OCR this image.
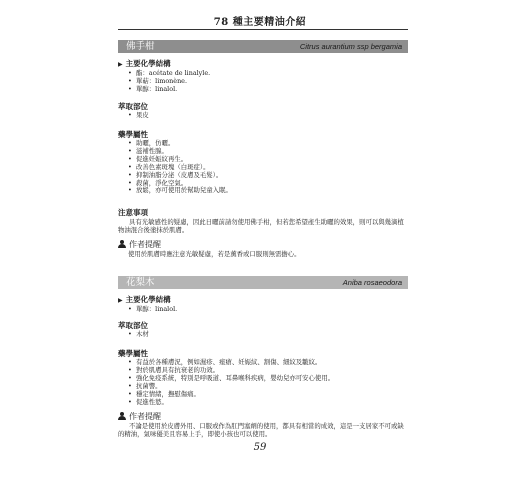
78 種主要精油介紹
佛手柑	Citrus aurantium ssp bergamia
▶ 主要化學結構
• 酯：acétate de linalyle.
• 單萜：limonène.
• 單醇：linalol.
萃取部位
• 果皮
藥學屬性
• 助曬，仿曬。
• 滋補性腺。
• 促進妊娠紋再生。
• 改善色素斑塊（白斑症）。
• 抑制油脂分泌（皮膚及毛髮）。
• 殺菌，淨化空氣。
• 放鬆，亦可使用於幫助兒童入眠。
注意事項
具有光敏感性的疑慮，因此日曬前請勿使用佛手柑，但若您希望產生助曬的效果，則可以與幾滴植物油混合後塗抹於肌膚。
作者提醒
使用於肌膚時應注意光敏疑慮，若是薰香或口服則無需擔心。
花梨木	Aniba rosaeodora
▶ 主要化學結構
• 單醇：linalol.
萃取部位
• 木材
藥學屬性
• 有益於各種膚況，例如濕疹、痤瘡、妊娠紋、割傷、細紋及皺紋。
• 對於肌膚具有抗衰老的功效。
• 強化免疫系統，特別是呼吸道、耳鼻喉科疾病，嬰幼兒亦可安心使用。
• 抗菌響。
• 穩定情緒，撫慰傷痛。
• 促進性慾。
作者提醒
不論是使用於皮膚外用、口服或作為肛門塞劑的使用，都具有相當的成效，這是一支居家不可或缺的精油，氣味優美且容易上手，即使小孩也可以使用。
59
